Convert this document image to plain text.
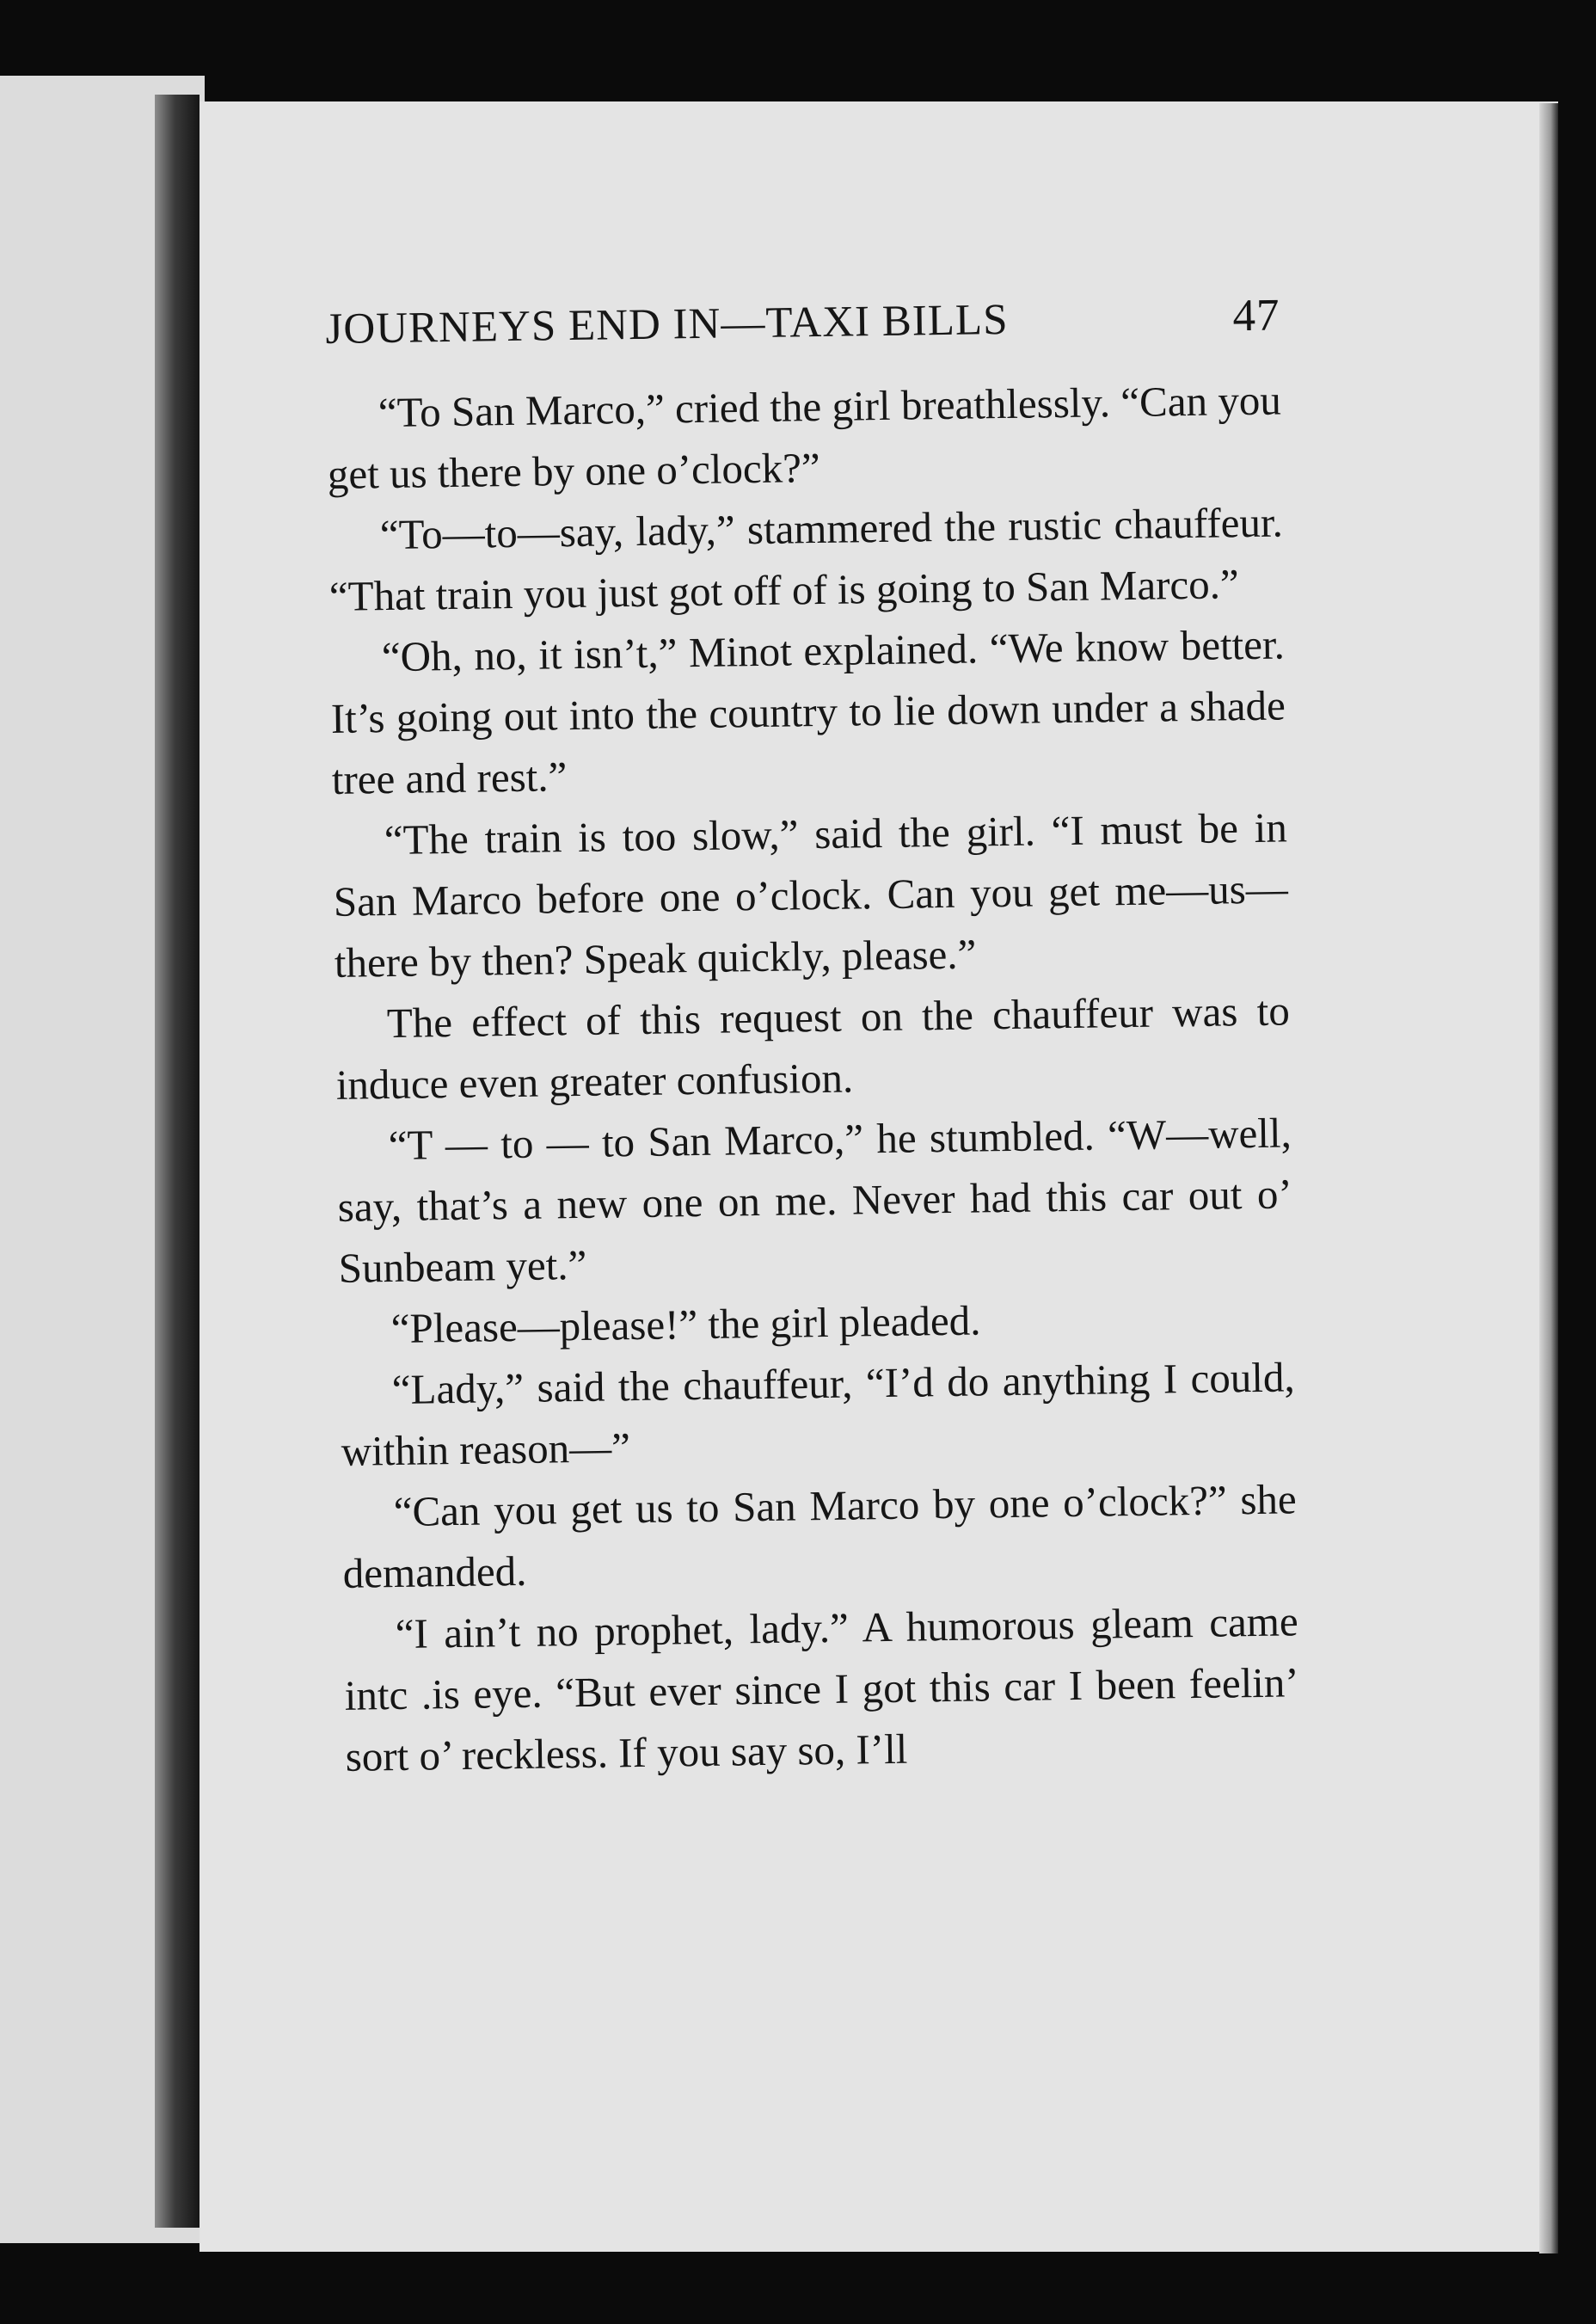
JOURNEYS END IN—TAXI BILLS	47

“To San Marco,” cried the girl breathlessly. “Can you get us there by one o’clock?”

“To—to—say, lady,” stammered the rustic chauffeur. “That train you just got off of is going to San Marco.”

“Oh, no, it isn’t,” Minot explained. “We know better. It’s going out into the country to lie down under a shade tree and rest.”

“The train is too slow,” said the girl. “I must be in San Marco before one o’clock. Can you get me—us—there by then? Speak quickly, please.”

The effect of this request on the chauffeur was to induce even greater confusion.

“T — to — to San Marco,” he stumbled. “W—well, say, that’s a new one on me. Never had this car out o’ Sunbeam yet.”

“Please—please!” the girl pleaded.

“Lady,” said the chauffeur, “I’d do anything I could, within reason—”

“Can you get us to San Marco by one o’clock?” she demanded.

“I ain’t no prophet, lady.” A humorous gleam came intc .is eye. “But ever since I got this car I been feelin’ sort o’ reckless. If you say so, I’ll
